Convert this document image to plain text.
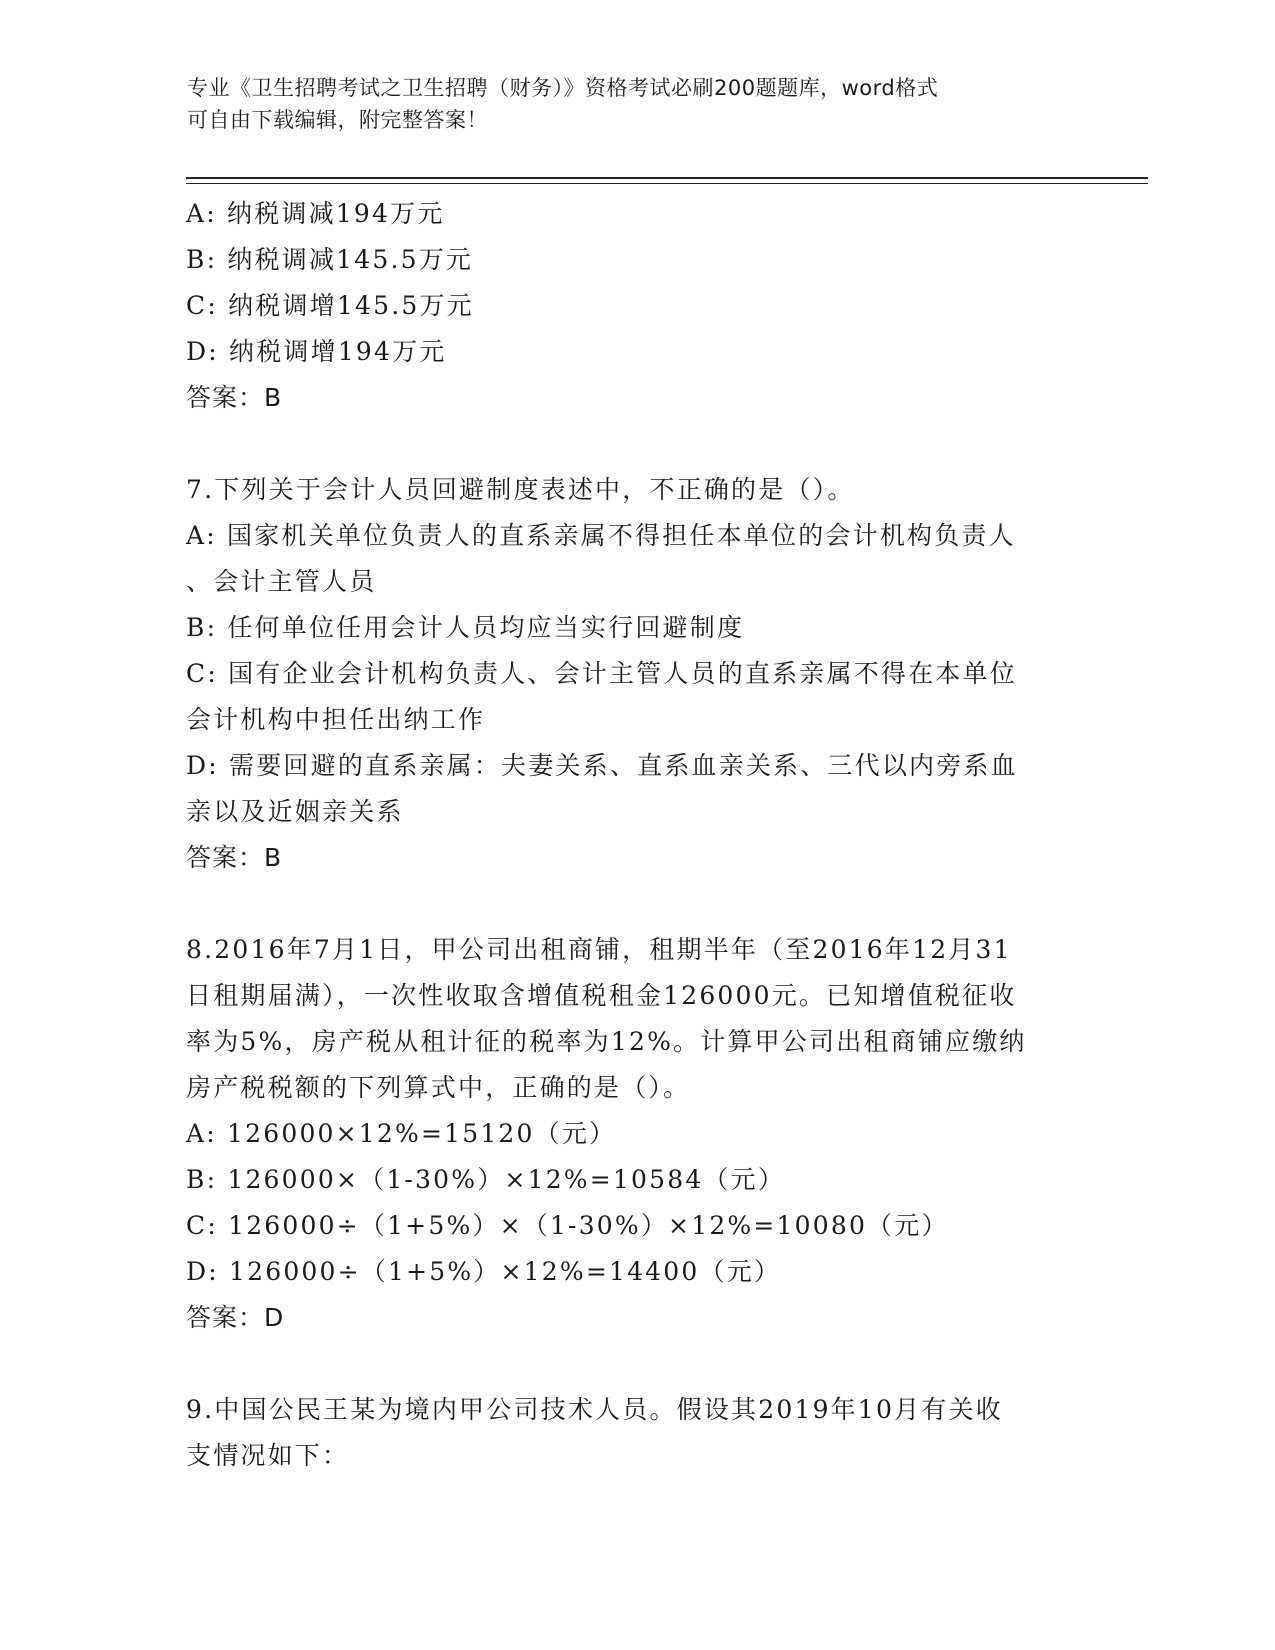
专业《卫生招聘考试之卫生招聘（财务）》资格考试必刷200题题库，word格式
可自由下载编辑，附完整答案！

A: 纳税调减194万元

B: 纳税调减145.5万元

C: 纳税调增145.5万元

D: 纳税调增194万元

答案：B

7.下列关于会计人员回避制度表述中，不正确的是（）。

A: 国家机关单位负责人的直系亲属不得担任本单位的会计机构负责人

、会计主管人员

B: 任何单位任用会计人员均应当实行回避制度

C: 国有企业会计机构负责人、会计主管人员的直系亲属不得在本单位

会计机构中担任出纳工作

D: 需要回避的直系亲属：夫妻关系、直系血亲关系、三代以内旁系血

亲以及近姻亲关系

答案：B

8.2016年7月1日，甲公司出租商铺，租期半年（至2016年12月31

日租期届满），一次性收取含增值税租金126000元。已知增值税征收

率为5%，房产税从租计征的税率为12%。计算甲公司出租商铺应缴纳

房产税税额的下列算式中，正确的是（）。

A: 126000×12%=15120（元）

B: 126000×（1-30%）×12%=10584（元）

C: 126000÷（1+5%）×（1-30%）×12%=10080（元）

D: 126000÷（1+5%）×12%=14400（元）

答案：D

9.中国公民王某为境内甲公司技术人员。假设其2019年10月有关收

支情况如下：
